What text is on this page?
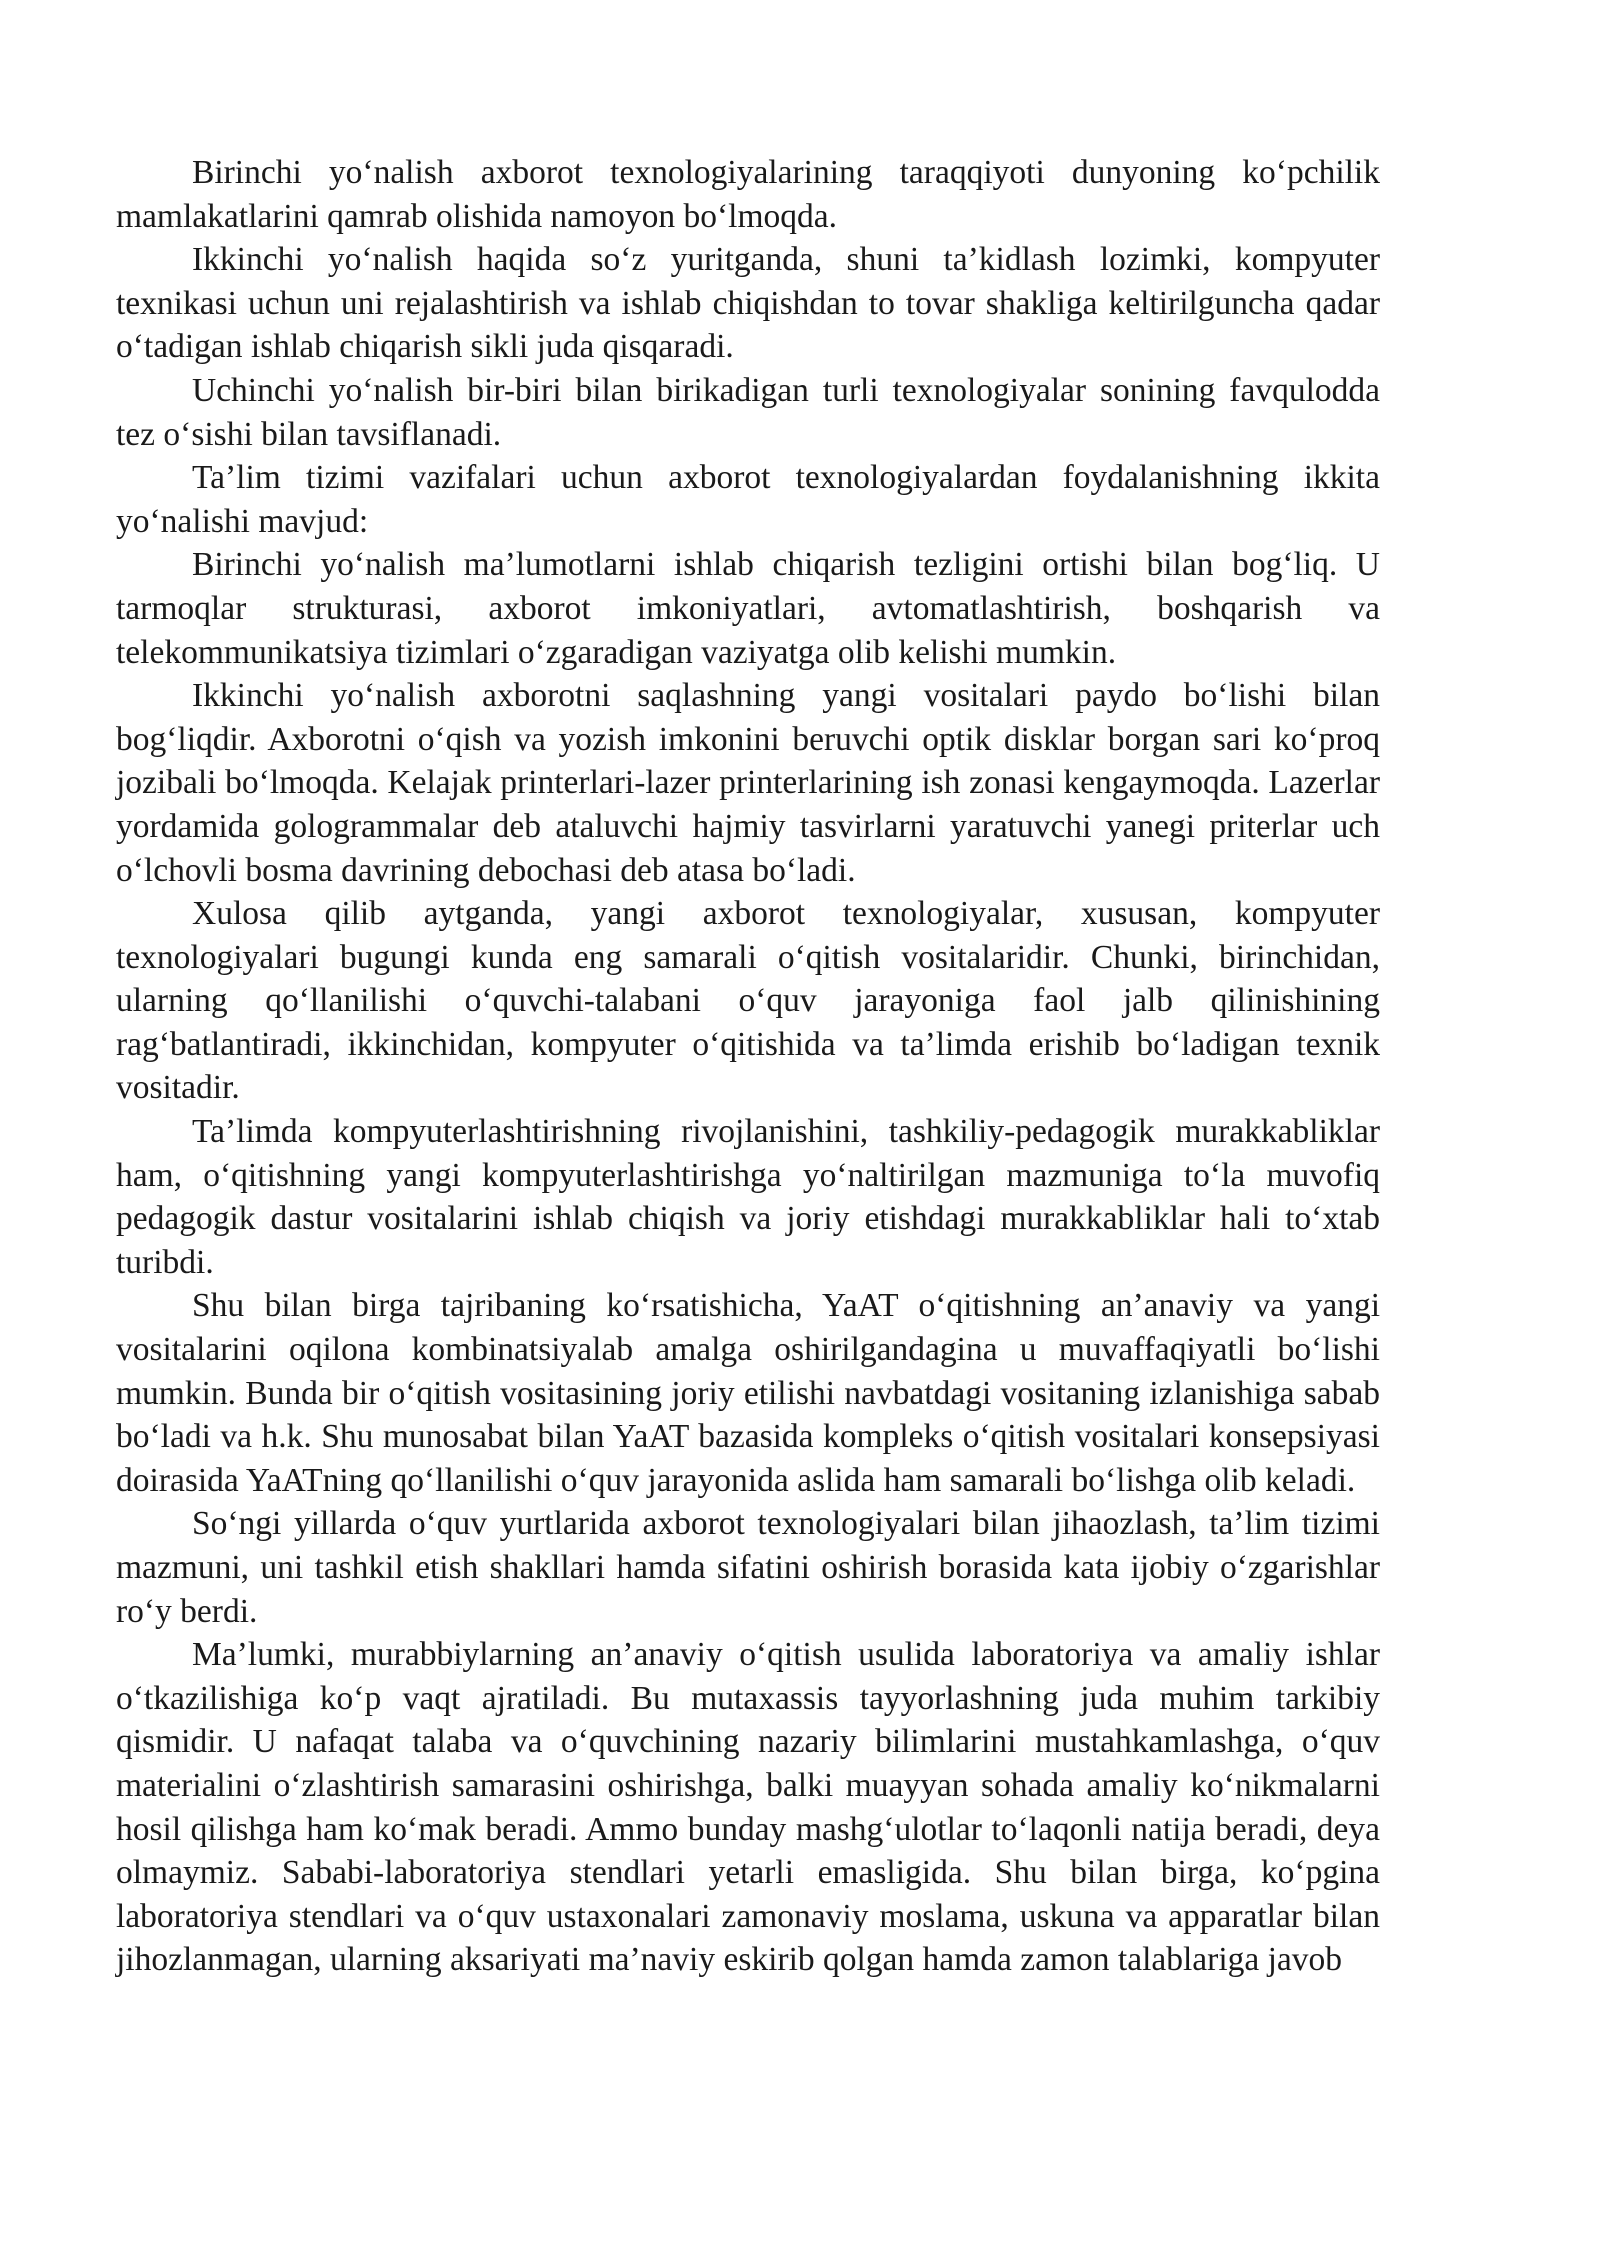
Birinchi yo‘nalish axborot texnologiyalarining taraqqiyoti dunyoning ko‘pchilik mamlakatlarini qamrab olishida namoyon bo‘lmoqda.

Ikkinchi yo‘nalish haqida so‘z yuritganda, shuni ta’kidlash lozimki, kompyuter texnikasi uchun uni rejalashtirish va ishlab chiqishdan to tovar shakliga keltirilguncha qadar o‘tadigan ishlab chiqarish sikli juda qisqaradi.

Uchinchi yo‘nalish bir-biri bilan birikadigan turli texnologiyalar sonining favqulodda tez o‘sishi bilan tavsiflanadi.

Ta’lim tizimi vazifalari uchun axborot texnologiyalardan foydalanishning ikkita yo‘nalishi mavjud:

Birinchi yo‘nalish ma’lumotlarni ishlab chiqarish tezligini ortishi bilan bog‘liq. U tarmoqlar strukturasi, axborot imkoniyatlari, avtomatlashtirish, boshqarish va telekommunikatsiya tizimlari o‘zgaradigan vaziyatga olib kelishi mumkin.

Ikkinchi yo‘nalish axborotni saqlashning yangi vositalari paydo bo‘lishi bilan bog‘liqdir. Axborotni o‘qish va yozish imkonini beruvchi optik disklar borgan sari ko‘proq jozibali bo‘lmoqda. Kelajak printerlari-lazer printerlarining ish zonasi kengaymoqda. Lazerlar yordamida gologrammalar deb ataluvchi hajmiy tasvirlarni yaratuvchi yanegi priterlar uch o‘lchovli bosma davrining debochasi deb atasa bo‘ladi.

Xulosa qilib aytganda, yangi axborot texnologiyalar, xususan, kompyuter texnologiyalari bugungi kunda eng samarali o‘qitish vositalaridir. Chunki, birinchidan, ularning qo‘llanilishi o‘quvchi-talabani o‘quv jarayoniga faol jalb qilinishining rag‘batlantiradi, ikkinchidan, kompyuter o‘qitishida va ta’limda erishib bo‘ladigan texnik vositadir.

Ta’limda kompyuterlashtirishning rivojlanishini, tashkiliy-pedagogik murakkabliklar ham, o‘qitishning yangi kompyuterlashtirishga yo‘naltirilgan mazmuniga to‘la muvofiq pedagogik dastur vositalarini ishlab chiqish va joriy etishdagi murakkabliklar hali to‘xtab turibdi.

Shu bilan birga tajribaning ko‘rsatishicha, YaAT o‘qitishning an’anaviy va yangi vositalarini oqilona kombinatsiyalab amalga oshirilgandagina u muvaffaqiyatli bo‘lishi mumkin. Bunda bir o‘qitish vositasining joriy etilishi navbatdagi vositaning izlanishiga sabab bo‘ladi va h.k. Shu munosabat bilan YaAT bazasida kompleks o‘qitish vositalari konsepsiyasi doirasida YaATning qo‘llanilishi o‘quv jarayonida aslida ham samarali bo‘lishga olib keladi.

So‘ngi yillarda o‘quv yurtlarida axborot texnologiyalari bilan jihaozlash, ta’lim tizimi mazmuni, uni tashkil etish shakllari hamda sifatini oshirish borasida kata ijobiy o‘zgarishlar ro‘y berdi.

Ma’lumki, murabbiylarning an’anaviy o‘qitish usulida laboratoriya va amaliy ishlar o‘tkazilishiga ko‘p vaqt ajratiladi. Bu mutaxassis tayyorlashning juda muhim tarkibiy qismidir. U nafaqat talaba va o‘quvchining nazariy bilimlarini mustahkamlashga, o‘quv materialini o‘zlashtirish samarasini oshirishga, balki muayyan sohada amaliy ko‘nikmalarni hosil qilishga ham ko‘mak beradi. Ammo bunday mashg‘ulotlar to‘laqonli natija beradi, deya olmaymiz. Sababi-laboratoriya stendlari yetarli emasligida. Shu bilan birga, ko‘pgina laboratoriya stendlari va o‘quv ustaxonalari zamonaviy moslama, uskuna va apparatlar bilan jihozlanmagan, ularning aksariyati ma’naviy eskirib qolgan hamda zamon talablariga javob
